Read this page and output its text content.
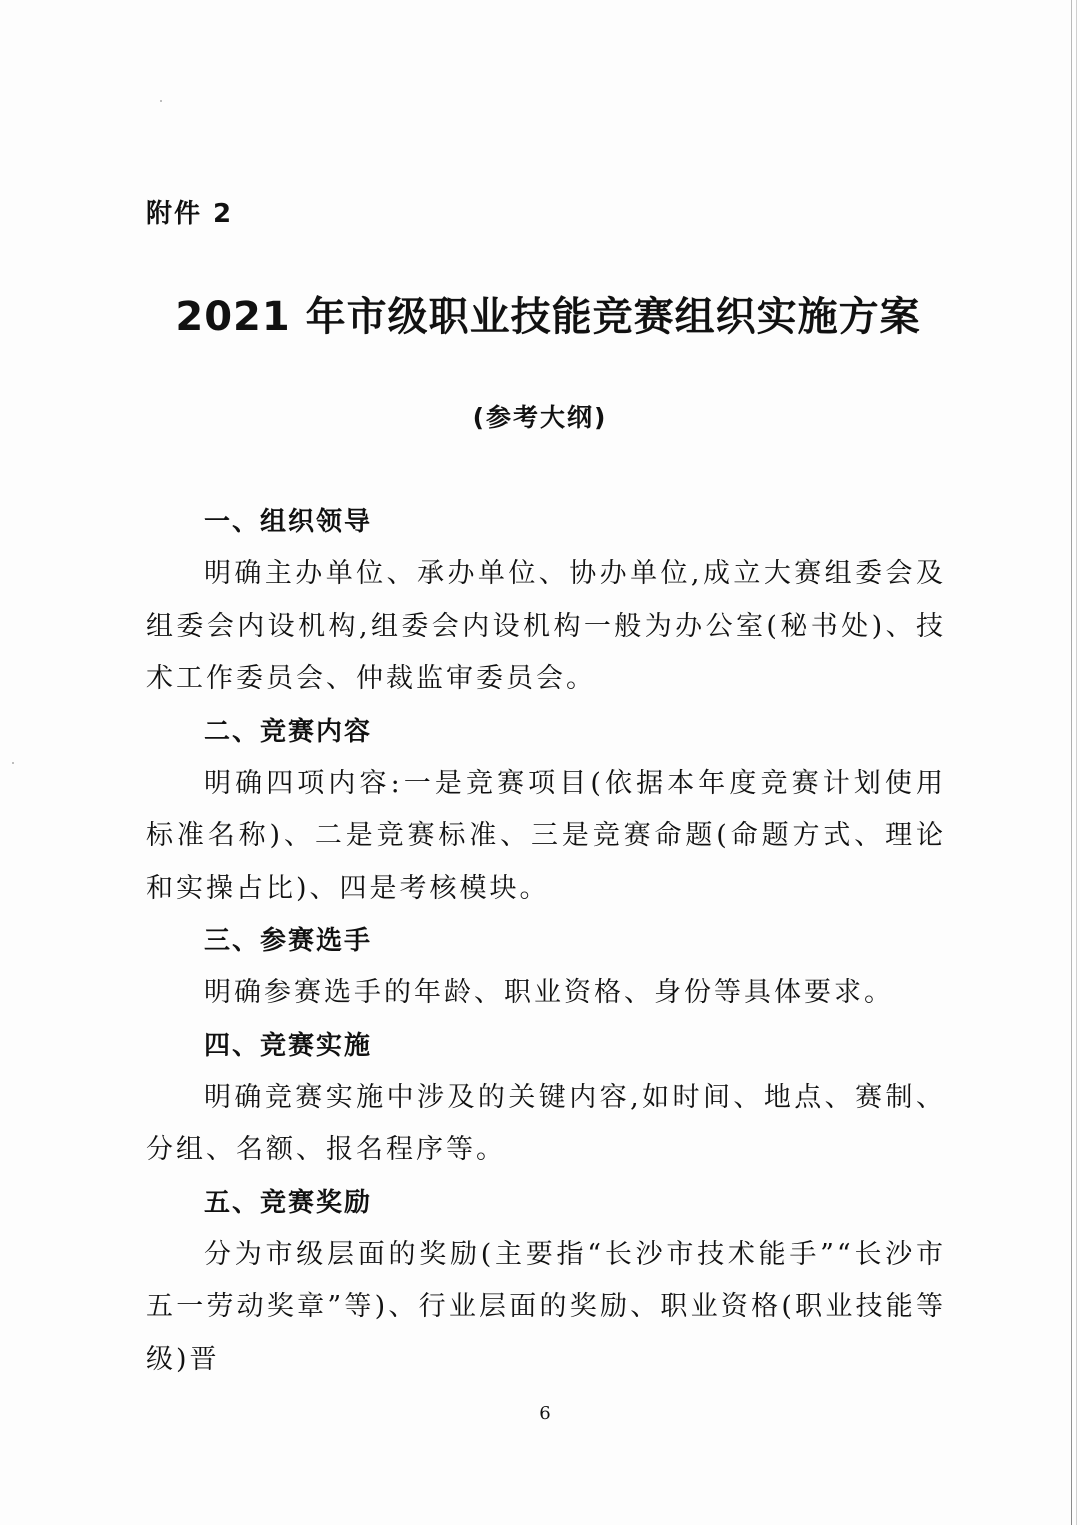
附件 2
2021 年市级职业技能竞赛组织实施方案
(参考大纲)
一、组织领导
明确主办单位、承办单位、协办单位,成立大赛组委会及组委会内设机构,组委会内设机构一般为办公室(秘书处)、技术工作委员会、仲裁监审委员会。
二、竞赛内容
明确四项内容:一是竞赛项目(依据本年度竞赛计划使用标准名称)、二是竞赛标准、三是竞赛命题(命题方式、理论和实操占比)、四是考核模块。
三、参赛选手
明确参赛选手的年龄、职业资格、身份等具体要求。
四、竞赛实施
明确竞赛实施中涉及的关键内容,如时间、地点、赛制、分组、名额、报名程序等。
五、竞赛奖励
分为市级层面的奖励(主要指“长沙市技术能手”“长沙市五一劳动奖章”等)、行业层面的奖励、职业资格(职业技能等级)晋
6
